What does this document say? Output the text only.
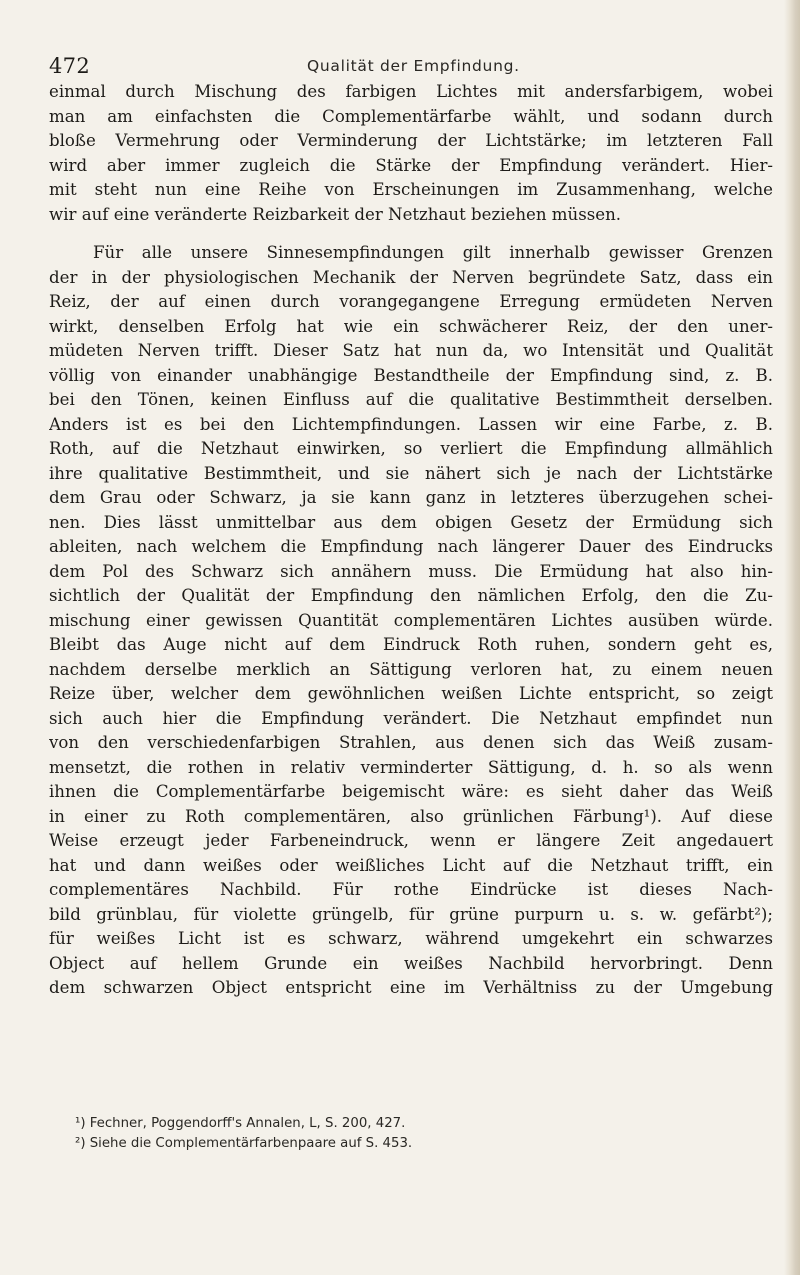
472	Qualität der Empfindung.

einmal durch Mischung des farbigen Lichtes mit andersfarbigem, wobei
man am einfachsten die Complementärfarbe wählt, und sodann durch
bloße Vermehrung oder Verminderung der Lichtstärke; im letzteren Fall
wird aber immer zugleich die Stärke der Empfindung verändert. Hier-
mit steht nun eine Reihe von Erscheinungen im Zusammenhang, welche
wir auf eine veränderte Reizbarkeit der Netzhaut beziehen müssen.

Für alle unsere Sinnesempfindungen gilt innerhalb gewisser Grenzen
der in der physiologischen Mechanik der Nerven begründete Satz, dass ein
Reiz, der auf einen durch vorangegangene Erregung ermüdeten Nerven
wirkt, denselben Erfolg hat wie ein schwächerer Reiz, der den uner-
müdeten Nerven trifft. Dieser Satz hat nun da, wo Intensität und Qualität
völlig von einander unabhängige Bestandtheile der Empfindung sind, z. B.
bei den Tönen, keinen Einfluss auf die qualitative Bestimmtheit derselben.
Anders ist es bei den Lichtempfindungen. Lassen wir eine Farbe, z. B.
Roth, auf die Netzhaut einwirken, so verliert die Empfindung allmählich
ihre qualitative Bestimmtheit, und sie nähert sich je nach der Lichtstärke
dem Grau oder Schwarz, ja sie kann ganz in letzteres überzugehen schei-
nen. Dies lässt unmittelbar aus dem obigen Gesetz der Ermüdung sich
ableiten, nach welchem die Empfindung nach längerer Dauer des Eindrucks
dem Pol des Schwarz sich annähern muss. Die Ermüdung hat also hin-
sichtlich der Qualität der Empfindung den nämlichen Erfolg, den die Zu-
mischung einer gewissen Quantität complementären Lichtes ausüben würde.
Bleibt das Auge nicht auf dem Eindruck Roth ruhen, sondern geht es,
nachdem derselbe merklich an Sättigung verloren hat, zu einem neuen
Reize über, welcher dem gewöhnlichen weißen Lichte entspricht, so zeigt
sich auch hier die Empfindung verändert. Die Netzhaut empfindet nun
von den verschiedenfarbigen Strahlen, aus denen sich das Weiß zusam-
mensetzt, die rothen in relativ verminderter Sättigung, d. h. so als wenn
ihnen die Complementärfarbe beigemischt wäre: es sieht daher das Weiß
in einer zu Roth complementären, also grünlichen Färbung¹). Auf diese
Weise erzeugt jeder Farbeneindruck, wenn er längere Zeit angedauert
hat und dann weißes oder weißliches Licht auf die Netzhaut trifft, ein
complementäres Nachbild. Für rothe Eindrücke ist dieses Nach-
bild grünblau, für violette grüngelb, für grüne purpurn u. s. w. gefärbt²);
für weißes Licht ist es schwarz, während umgekehrt ein schwarzes
Object auf hellem Grunde ein weißes Nachbild hervorbringt. Denn
dem schwarzen Object entspricht eine im Verhältniss zu der Umgebung

¹) Fechner, Poggendorff's Annalen, L, S. 200, 427.
²) Siehe die Complementärfarbenpaare auf S. 453.
